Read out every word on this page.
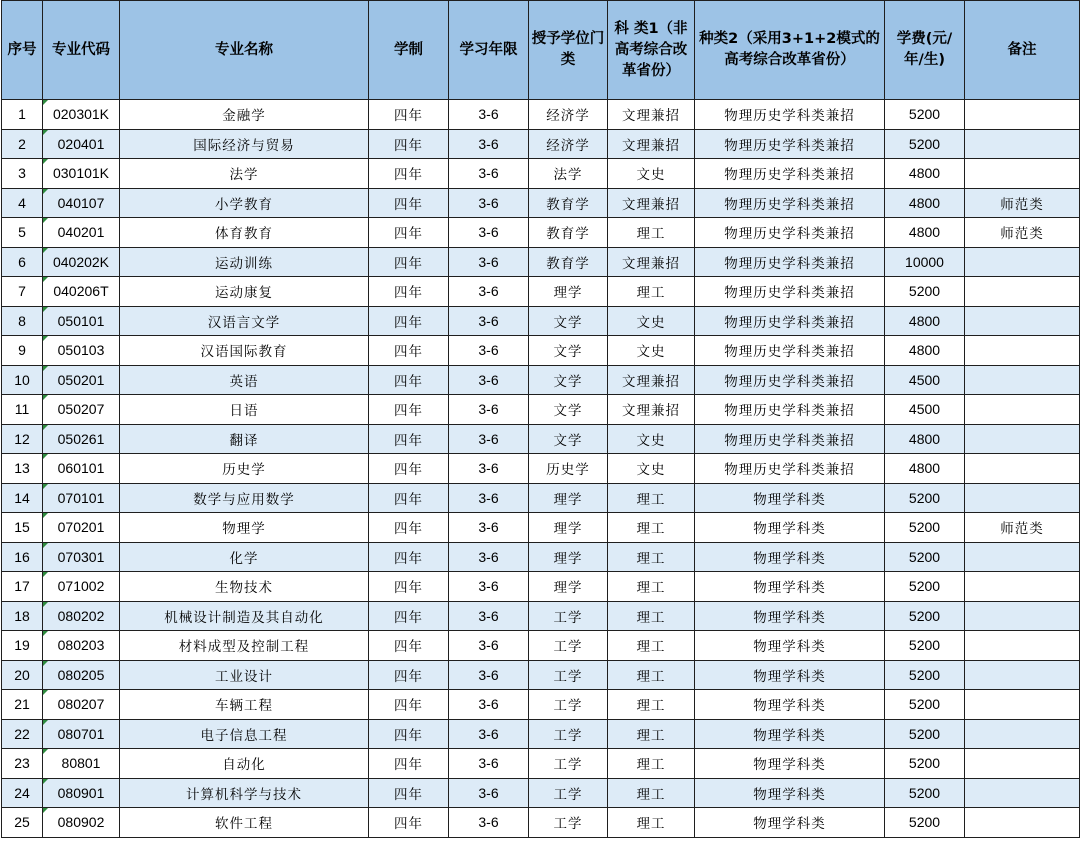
序号	专业代码	专业名称	学制	学习年限	授予学位门类	科 类1（非高考综合改革省份）	种类2（采用3+1+2模式的高考综合改革省份）	学费(元/年/生)	备注
1	020301K	金融学	四年	3-6	经济学	文理兼招	物理历史学科类兼招	5200	
2	020401	国际经济与贸易	四年	3-6	经济学	文理兼招	物理历史学科类兼招	5200	
3	030101K	法学	四年	3-6	法学	文史	物理历史学科类兼招	4800	
4	040107	小学教育	四年	3-6	教育学	文理兼招	物理历史学科类兼招	4800	师范类
5	040201	体育教育	四年	3-6	教育学	理工	物理历史学科类兼招	4800	师范类
6	040202K	运动训练	四年	3-6	教育学	文理兼招	物理历史学科类兼招	10000	
7	040206T	运动康复	四年	3-6	理学	理工	物理历史学科类兼招	5200	
8	050101	汉语言文学	四年	3-6	文学	文史	物理历史学科类兼招	4800	
9	050103	汉语国际教育	四年	3-6	文学	文史	物理历史学科类兼招	4800	
10	050201	英语	四年	3-6	文学	文理兼招	物理历史学科类兼招	4500	
11	050207	日语	四年	3-6	文学	文理兼招	物理历史学科类兼招	4500	
12	050261	翻译	四年	3-6	文学	文史	物理历史学科类兼招	4800	
13	060101	历史学	四年	3-6	历史学	文史	物理历史学科类兼招	4800	
14	070101	数学与应用数学	四年	3-6	理学	理工	物理学科类	5200	
15	070201	物理学	四年	3-6	理学	理工	物理学科类	5200	师范类
16	070301	化学	四年	3-6	理学	理工	物理学科类	5200	
17	071002	生物技术	四年	3-6	理学	理工	物理学科类	5200	
18	080202	机械设计制造及其自动化	四年	3-6	工学	理工	物理学科类	5200	
19	080203	材料成型及控制工程	四年	3-6	工学	理工	物理学科类	5200	
20	080205	工业设计	四年	3-6	工学	理工	物理学科类	5200	
21	080207	车辆工程	四年	3-6	工学	理工	物理学科类	5200	
22	080701	电子信息工程	四年	3-6	工学	理工	物理学科类	5200	
23	80801	自动化	四年	3-6	工学	理工	物理学科类	5200	
24	080901	计算机科学与技术	四年	3-6	工学	理工	物理学科类	5200	
25	080902	软件工程	四年	3-6	工学	理工	物理学科类	5200	
